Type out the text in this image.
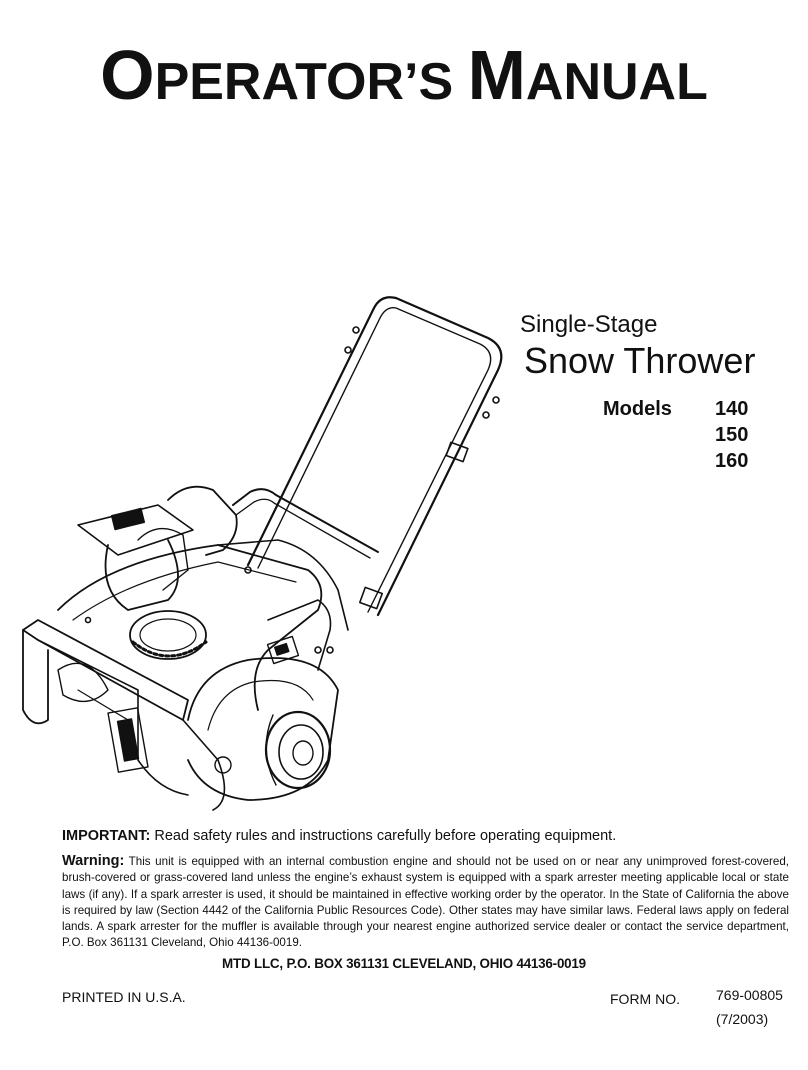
OPERATOR’S MANUAL
Single-Stage
Snow Thrower
Models 140
150
160
IMPORTANT: Read safety rules and instructions carefully before operating equipment.
Warning: This unit is equipped with an internal combustion engine and should not be used on or near any unimproved forest-covered, brush-covered or grass-covered land unless the engine’s exhaust system is equipped with a spark arrester meeting applicable local or state laws (if any). If a spark arrester is used, it should be maintained in effective working order by the operator. In the State of California the above is required by law (Section 4442 of the California Public Resources Code). Other states may have similar laws. Federal laws apply on federal lands. A spark arrester for the muffler is available through your nearest engine authorized service dealer or contact the service department, P.O. Box 361131 Cleveland, Ohio 44136-0019.
MTD LLC, P.O. BOX 361131 CLEVELAND, OHIO 44136-0019
PRINTED IN U.S.A.	FORM NO.	769-00805
(7/2003)
